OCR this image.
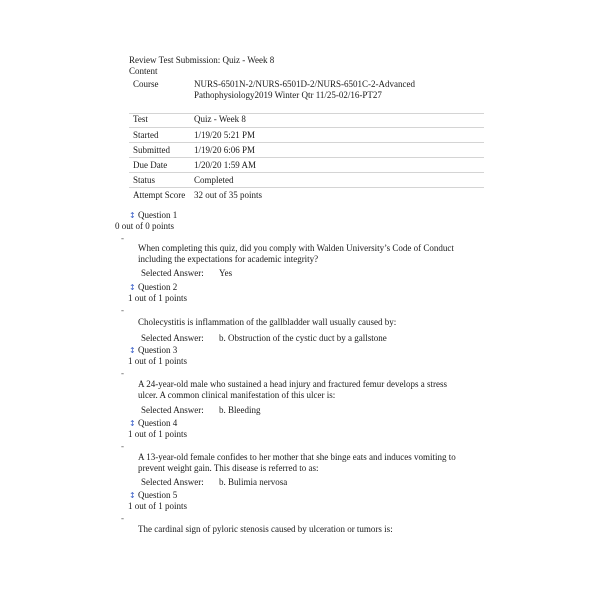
Review Test Submission: Quiz - Week 8
Content
Course	NURS-6501N-2/NURS-6501D-2/NURS-6501C-2-Advanced Pathophysiology2019 Winter Qtr 11/25-02/16-PT27
Test	Quiz - Week 8
Started	1/19/20 5:21 PM
Submitted	1/19/20 6:06 PM
Due Date	1/20/20 1:59 AM
Status	Completed
Attempt Score	32 out of 35 points
↕ Question 1
0 out of 0 points
-
When completing this quiz, did you comply with Walden University’s Code of Conduct including the expectations for academic integrity?
Selected Answer: Yes
↕ Question 2
1 out of 1 points
-
Cholecystitis is inflammation of the gallbladder wall usually caused by:
Selected Answer: b. Obstruction of the cystic duct by a gallstone
↕ Question 3
1 out of 1 points
-
A 24-year-old male who sustained a head injury and fractured femur develops a stress ulcer. A common clinical manifestation of this ulcer is:
Selected Answer: b. Bleeding
↕ Question 4
1 out of 1 points
-
A 13-year-old female confides to her mother that she binge eats and induces vomiting to prevent weight gain. This disease is referred to as:
Selected Answer: b. Bulimia nervosa
↕ Question 5
1 out of 1 points
-
The cardinal sign of pyloric stenosis caused by ulceration or tumors is:
